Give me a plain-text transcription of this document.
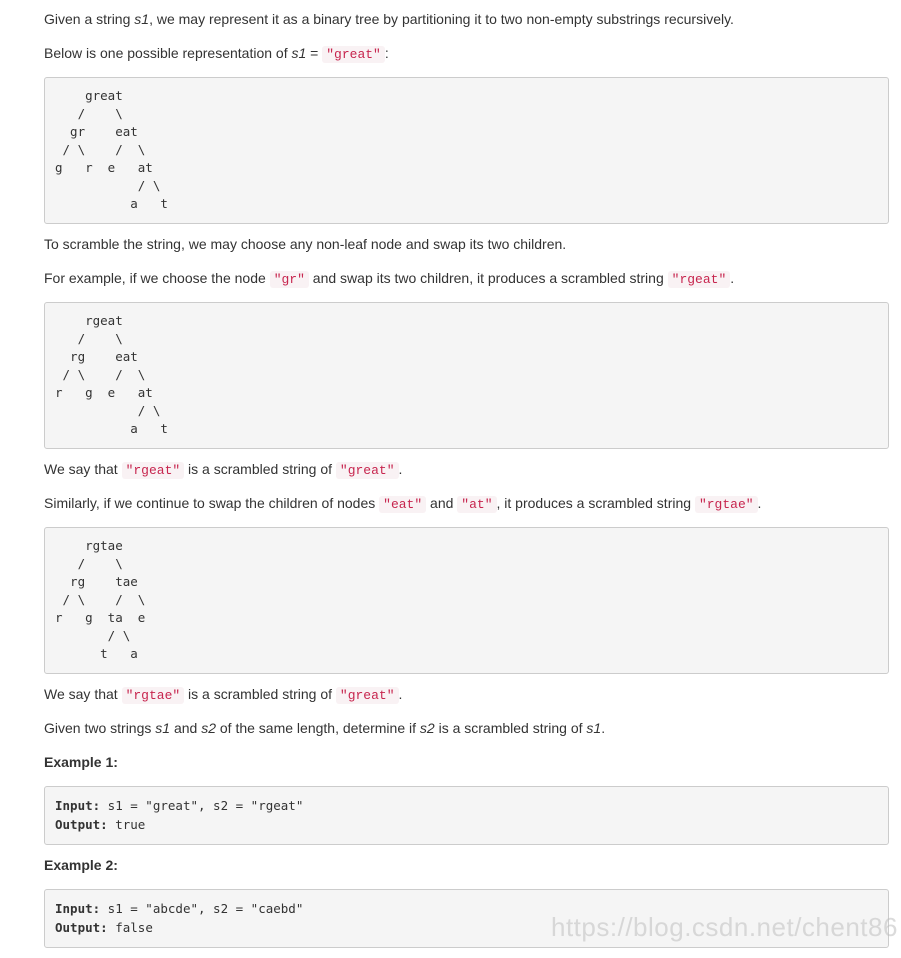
Given a string s1, we may represent it as a binary tree by partitioning it to two non-empty substrings recursively.

Below is one possible representation of s1 = "great" :

great
/    \
gr    eat
/ \    /  \
g   r  e   at
/ \
a   t

To scramble the string, we may choose any non-leaf node and swap its two children.

For example, if we choose the node "gr" and swap its two children, it produces a scrambled string "rgeat" .

rgeat
/    \
rg    eat
/ \    /  \
r   g  e   at
/ \
a   t

We say that "rgeat" is a scrambled string of "great" .

Similarly, if we continue to swap the children of nodes "eat" and "at" , it produces a scrambled string "rgtae" .

rgtae
/    \
rg    tae
/ \    /  \
r   g  ta  e
/ \
t   a

We say that "rgtae" is a scrambled string of "great" .

Given two strings s1 and s2 of the same length, determine if s2 is a scrambled string of s1.

Example 1:

Input: s1 = "great", s2 = "rgeat"
Output: true

Example 2:

Input: s1 = "abcde", s2 = "caebd"
Output: false	https://blog.csdn.net/chent86
